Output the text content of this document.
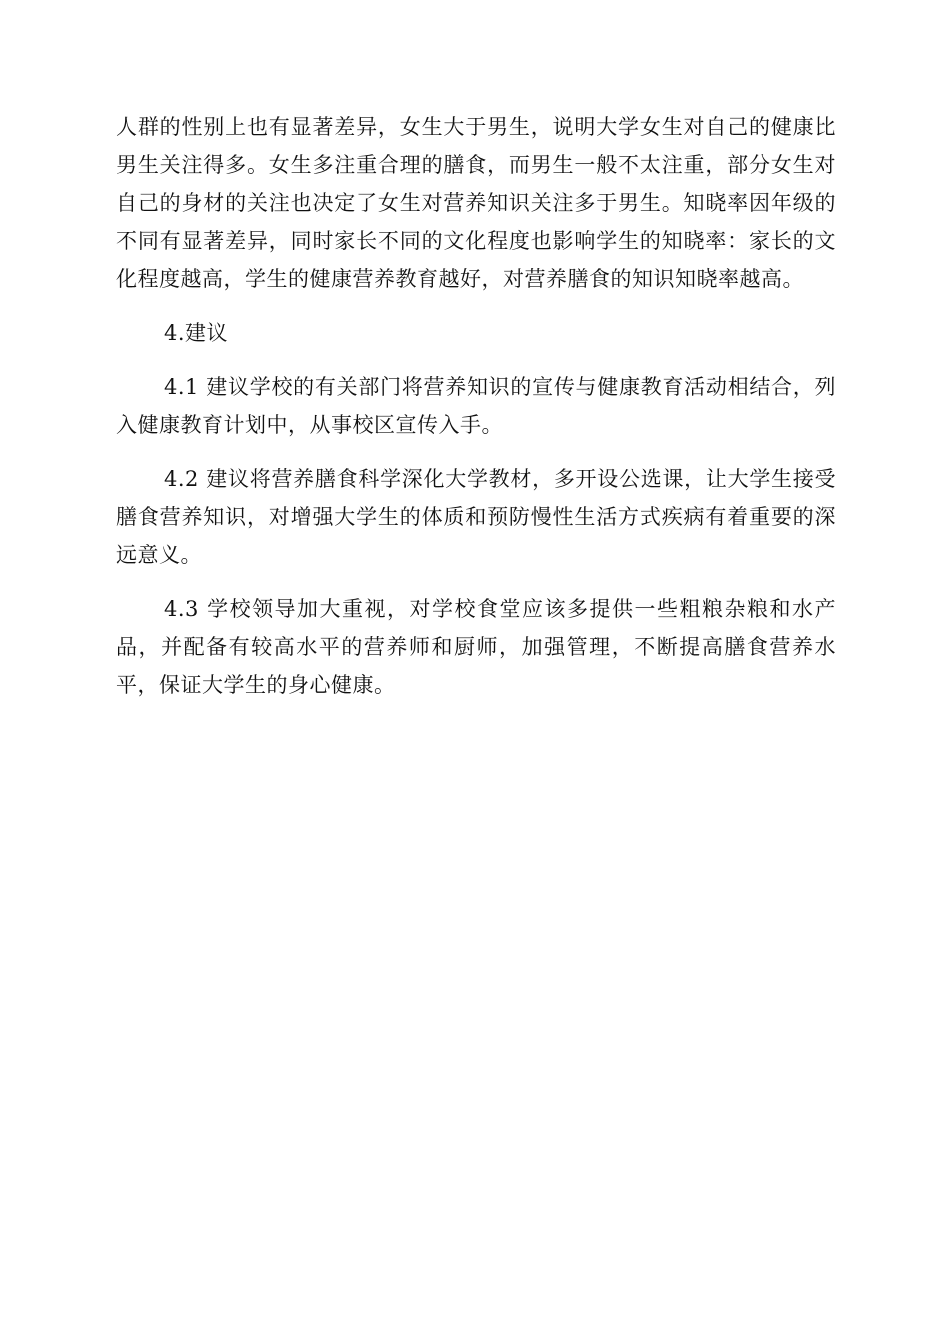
人群的性别上也有显著差异，女生大于男生，说明大学女生对自己的健康比男生关注得多。女生多注重合理的膳食，而男生一般不太注重，部分女生对自己的身材的关注也决定了女生对营养知识关注多于男生。知晓率因年级的不同有显著差异，同时家长不同的文化程度也影响学生的知晓率：家长的文化程度越高，学生的健康营养教育越好，对营养膳食的知识知晓率越高。

4.建议

4.1 建议学校的有关部门将营养知识的宣传与健康教育活动相结合，列入健康教育计划中，从事校区宣传入手。

4.2 建议将营养膳食科学深化大学教材，多开设公选课，让大学生接受膳食营养知识，对增强大学生的体质和预防慢性生活方式疾病有着重要的深远意义。

4.3 学校领导加大重视，对学校食堂应该多提供一些粗粮杂粮和水产品，并配备有较高水平的营养师和厨师，加强管理，不断提高膳食营养水平，保证大学生的身心健康。
